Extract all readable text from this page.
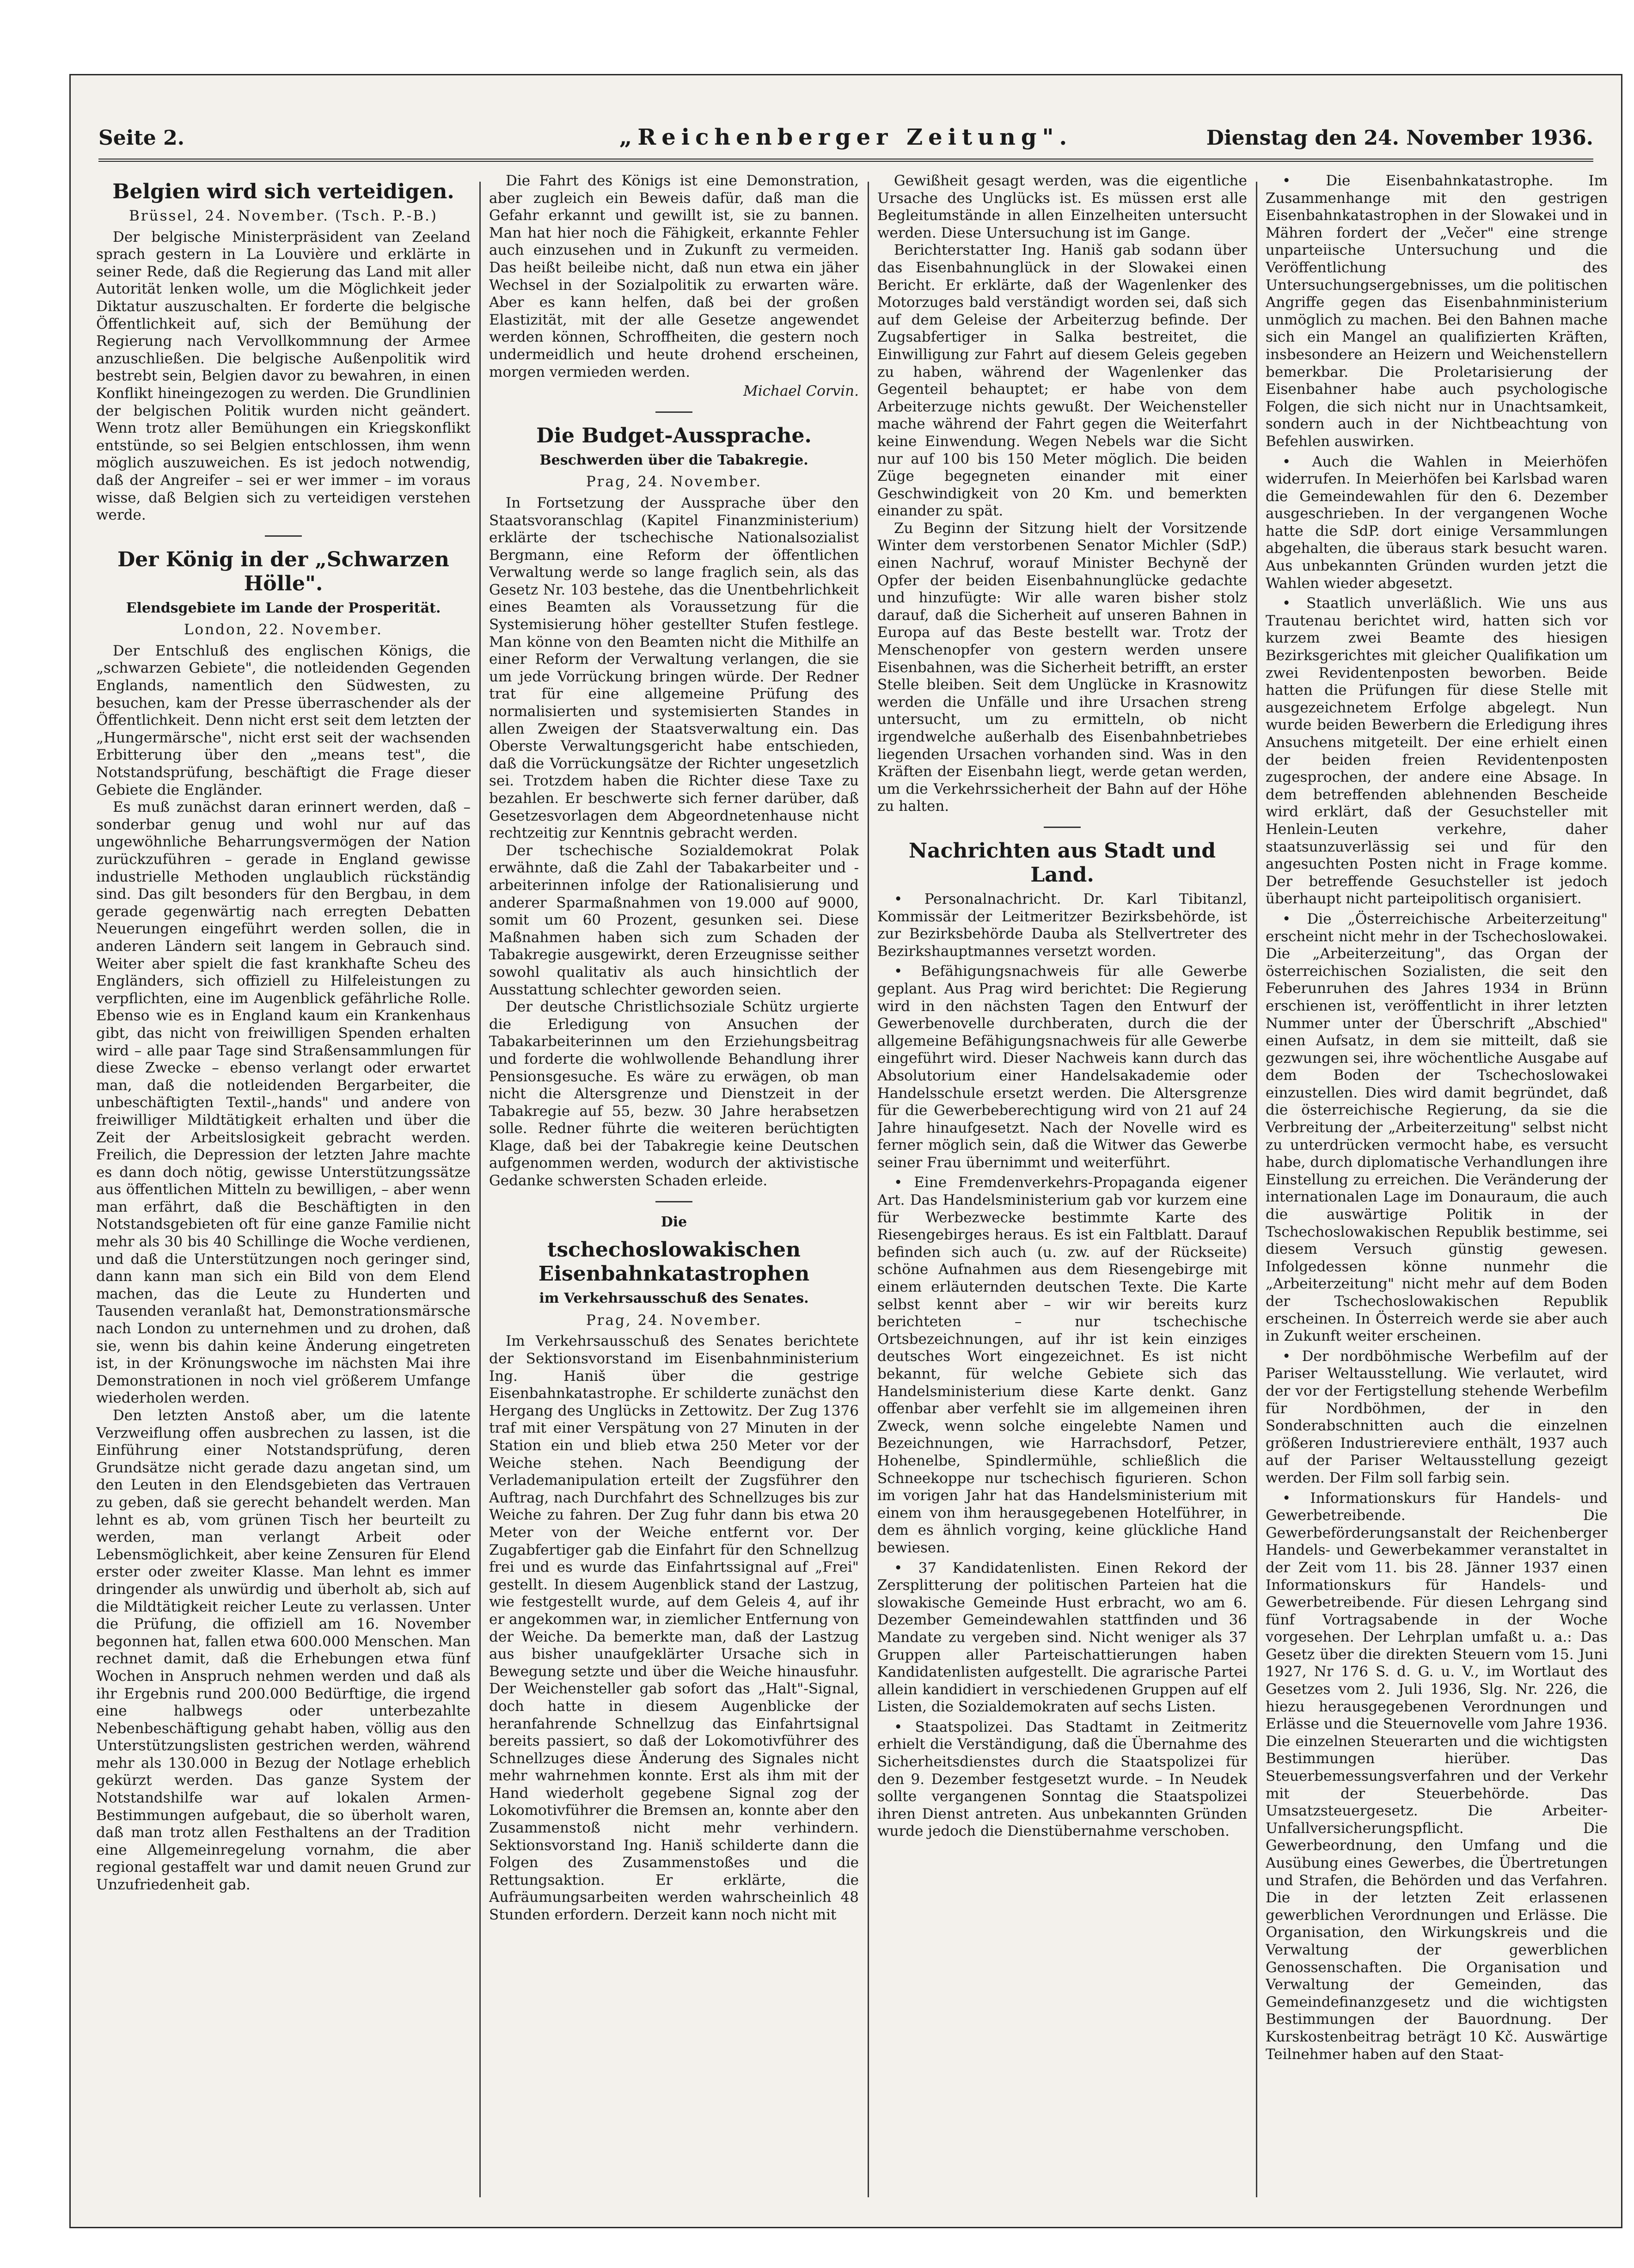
Seite 2.	„Reichenberger Zeitung".	Dienstag den 24. November 1936.
Belgien wird sich verteidigen.
Brüssel, 24. November. (Tsch. P.-B.)

Der belgische Ministerpräsident van Zeeland sprach gestern in La Louvière und erklärte in seiner Rede, daß die Regierung das Land mit aller Autorität lenken wolle, um die Möglichkeit jeder Diktatur auszuschalten. Er forderte die belgische Öffentlichkeit auf, sich der Bemühung der Regierung nach Vervollkommnung der Armee anzuschließen. Die belgische Außenpolitik wird bestrebt sein, Belgien davor zu bewahren, in einen Konflikt hineingezogen zu werden. Die Grundlinien der belgischen Politik wurden nicht geändert. Wenn trotz aller Bemühungen ein Kriegskonflikt entstünde, so sei Belgien entschlossen, ihm wenn möglich auszuweichen. Es ist jedoch notwendig, daß der Angreifer – sei er wer immer – im voraus wisse, daß Belgien sich zu verteidigen verstehen werde.

Der König in der „Schwarzen Hölle".
Elendsgebiete im Lande der Prosperität.
London, 22. November.

Der Entschluß des englischen Königs, die „schwarzen Gebiete", die notleidenden Gegenden Englands, namentlich den Südwesten, zu besuchen, kam der Presse überraschender als der Öffentlichkeit. Denn nicht erst seit dem letzten der „Hungermärsche", nicht erst seit der wachsenden Erbitterung über den „means test", die Notstandsprüfung, beschäftigt die Frage dieser Gebiete die Engländer.

Es muß zunächst daran erinnert werden, daß – sonderbar genug und wohl nur auf das ungewöhnliche Beharrungsvermögen der Nation zurückzuführen – gerade in England gewisse industrielle Methoden unglaublich rückständig sind. Das gilt besonders für den Bergbau, in dem gerade gegenwärtig nach erregten Debatten Neuerungen eingeführt werden sollen, die in anderen Ländern seit langem in Gebrauch sind. Weiter aber spielt die fast krankhafte Scheu des Engländers, sich offiziell zu Hilfeleistungen zu verpflichten, eine im Augenblick gefährliche Rolle. Ebenso wie es in England kaum ein Krankenhaus gibt, das nicht von freiwilligen Spenden erhalten wird – alle paar Tage sind Straßensammlungen für diese Zwecke – ebenso verlangt oder erwartet man, daß die notleidenden Bergarbeiter, die unbeschäftigten Textil-„hands" und andere von freiwilliger Mildtätigkeit erhalten und über die Zeit der Arbeitslosigkeit gebracht werden. Freilich, die Depression der letzten Jahre machte es dann doch nötig, gewisse Unterstützungssätze aus öffentlichen Mitteln zu bewilligen, – aber wenn man erfährt, daß die Beschäftigten in den Notstandsgebieten oft für eine ganze Familie nicht mehr als 30 bis 40 Schillinge die Woche verdienen, und daß die Unterstützungen noch geringer sind, dann kann man sich ein Bild von dem Elend machen, das die Leute zu Hunderten und Tausenden veranlaßt hat, Demonstrationsmärsche nach London zu unternehmen und zu drohen, daß sie, wenn bis dahin keine Änderung eingetreten ist, in der Krönungswoche im nächsten Mai ihre Demonstrationen in noch viel größerem Umfange wiederholen werden.

Den letzten Anstoß aber, um die latente Verzweiflung offen ausbrechen zu lassen, ist die Einführung einer Notstandsprüfung, deren Grundsätze nicht gerade dazu angetan sind, um den Leuten in den Elendsgebieten das Vertrauen zu geben, daß sie gerecht behandelt werden. Man lehnt es ab, vom grünen Tisch her beurteilt zu werden, man verlangt Arbeit oder Lebensmöglichkeit, aber keine Zensuren für Elend erster oder zweiter Klasse. Man lehnt es immer dringender als unwürdig und überholt ab, sich auf die Mildtätigkeit reicher Leute zu verlassen. Unter die Prüfung, die offiziell am 16. November begonnen hat, fallen etwa 600.000 Menschen. Man rechnet damit, daß die Erhebungen etwa fünf Wochen in Anspruch nehmen werden und daß als ihr Ergebnis rund 200.000 Bedürftige, die irgend eine halbwegs oder unterbezahlte Nebenbeschäftigung gehabt haben, völlig aus den Unterstützungslisten gestrichen werden, während mehr als 130.000 in Bezug der Notlage erheblich gekürzt werden. Das ganze System der Notstandshilfe war auf lokalen Armen-Bestimmungen aufgebaut, die so überholt waren, daß man trotz allen Festhaltens an der Tradition eine Allgemeinregelung vornahm, die aber regional gestaffelt war und damit neuen Grund zur Unzufriedenheit gab.

Die Fahrt des Königs ist eine Demonstration, aber zugleich ein Beweis dafür, daß man die Gefahr erkannt und gewillt ist, sie zu bannen. Man hat hier noch die Fähigkeit, erkannte Fehler auch einzusehen und in Zukunft zu vermeiden. Das heißt beileibe nicht, daß nun etwa ein jäher Wechsel in der Sozialpolitik zu erwarten wäre. Aber es kann helfen, daß bei der großen Elastizität, mit der alle Gesetze angewendet werden können, Schroffheiten, die gestern noch undermeidlich und heute drohend erscheinen, morgen vermieden werden.

Michael Corvin.
Die Budget-Aussprache.
Beschwerden über die Tabakregie.
Prag, 24. November.

In Fortsetzung der Aussprache über den Staatsvoranschlag (Kapitel Finanzministerium) erklärte der tschechische Nationalsozialist Bergmann, eine Reform der öffentlichen Verwaltung werde so lange fraglich sein, als das Gesetz Nr. 103 bestehe, das die Unentbehrlichkeit eines Beamten als Voraussetzung für die Systemisierung höher gestellter Stufen festlege. Man könne von den Beamten nicht die Mithilfe an einer Reform der Verwaltung verlangen, die sie um jede Vorrückung bringen würde. Der Redner trat für eine allgemeine Prüfung des normalisierten und systemisierten Standes in allen Zweigen der Staatsverwaltung ein. Das Oberste Verwaltungsgericht habe entschieden, daß die Vorrückungsätze der Richter ungesetzlich sei. Trotzdem haben die Richter diese Taxe zu bezahlen. Er beschwerte sich ferner darüber, daß Gesetzesvorlagen dem Abgeordnetenhause nicht rechtzeitig zur Kenntnis gebracht werden.

Der tschechische Sozialdemokrat Polak erwähnte, daß die Zahl der Tabakarbeiter und -arbeiterinnen infolge der Rationalisierung und anderer Sparmaßnahmen von 19.000 auf 9000, somit um 60 Prozent, gesunken sei. Diese Maßnahmen haben sich zum Schaden der Tabakregie ausgewirkt, deren Erzeugnisse seither sowohl qualitativ als auch hinsichtlich der Ausstattung schlechter geworden seien.

Der deutsche Christlichsoziale Schütz urgierte die Erledigung von Ansuchen der Tabakarbeiterinnen um den Erziehungsbeitrag und forderte die wohlwollende Behandlung ihrer Pensionsgesuche. Es wäre zu erwägen, ob man nicht die Altersgrenze und Dienstzeit in der Tabakregie auf 55, bezw. 30 Jahre herabsetzen solle. Redner führte die weiteren berüchtigten Klage, daß bei der Tabakregie keine Deutschen aufgenommen werden, wodurch der aktivistische Gedanke schwersten Schaden erleide.

Die
tschechoslowakischen Eisenbahnkatastrophen
im Verkehrsausschuß des Senates.
Prag, 24. November.

Im Verkehrsausschuß des Senates berichtete der Sektionsvorstand im Eisenbahnministerium Ing. Haniš über die gestrige Eisenbahnkatastrophe. Er schilderte zunächst den Hergang des Unglücks in Zettowitz. Der Zug 1376 traf mit einer Verspätung von 27 Minuten in der Station ein und blieb etwa 250 Meter vor der Weiche stehen. Nach Beendigung der Verlademanipulation erteilt der Zugsführer den Auftrag, nach Durchfahrt des Schnellzuges bis zur Weiche zu fahren. Der Zug fuhr dann bis etwa 20 Meter von der Weiche entfernt vor. Der Zugabfertiger gab die Einfahrt für den Schnellzug frei und es wurde das Einfahrtssignal auf „Frei" gestellt. In diesem Augenblick stand der Lastzug, wie festgestellt wurde, auf dem Geleis 4, auf ihr er angekommen war, in ziemlicher Entfernung von der Weiche. Da bemerkte man, daß der Lastzug aus bisher unaufgeklärter Ursache sich in Bewegung setzte und über die Weiche hinausfuhr. Der Weichensteller gab sofort das „Halt"-Signal, doch hatte in diesem Augenblicke der heranfahrende Schnellzug das Einfahrtsignal bereits passiert, so daß der Lokomotivführer des Schnellzuges diese Änderung des Signales nicht mehr wahrnehmen konnte. Erst als ihm mit der Hand wiederholt gegebene Signal zog der Lokomotivführer die Bremsen an, konnte aber den Zusammenstoß nicht mehr verhindern. Sektionsvorstand Ing. Haniš schilderte dann die Folgen des Zusammenstoßes und die Rettungsaktion. Er erklärte, die Aufräumungsarbeiten werden wahrscheinlich 48 Stunden erfordern. Derzeit kann noch nicht mit

Gewißheit gesagt werden, was die eigentliche Ursache des Unglücks ist. Es müssen erst alle Begleitumstände in allen Einzelheiten untersucht werden. Diese Untersuchung ist im Gange.

Berichterstatter Ing. Haniš gab sodann über das Eisenbahnunglück in der Slowakei einen Bericht. Er erklärte, daß der Wagenlenker des Motorzuges bald verständigt worden sei, daß sich auf dem Geleise der Arbeiterzug befinde. Der Zugsabfertiger in Salka bestreitet, die Einwilligung zur Fahrt auf diesem Geleis gegeben zu haben, während der Wagenlenker das Gegenteil behauptet; er habe von dem Arbeiterzuge nichts gewußt. Der Weichensteller mache während der Fahrt gegen die Weiterfahrt keine Einwendung. Wegen Nebels war die Sicht nur auf 100 bis 150 Meter möglich. Die beiden Züge begegneten einander mit einer Geschwindigkeit von 20 Km. und bemerkten einander zu spät.

Zu Beginn der Sitzung hielt der Vorsitzende Winter dem verstorbenen Senator Michler (SdP.) einen Nachruf, worauf Minister Bechyně der Opfer der beiden Eisenbahnunglücke gedachte und hinzufügte: Wir alle waren bisher stolz darauf, daß die Sicherheit auf unseren Bahnen in Europa auf das Beste bestellt war. Trotz der Menschenopfer von gestern werden unsere Eisenbahnen, was die Sicherheit betrifft, an erster Stelle bleiben. Seit dem Unglücke in Krasnowitz werden die Unfälle und ihre Ursachen streng untersucht, um zu ermitteln, ob nicht irgendwelche außerhalb des Eisenbahnbetriebes liegenden Ursachen vorhanden sind. Was in den Kräften der Eisenbahn liegt, werde getan werden, um die Verkehrssicherheit der Bahn auf der Höhe zu halten.

Nachrichten aus Stadt und Land.

• Personalnachricht. Dr. Karl Tibitanzl, Kommissär der Leitmeritzer Bezirksbehörde, ist zur Bezirksbehörde Dauba als Stellvertreter des Bezirkshauptmannes versetzt worden.

• Befähigungsnachweis für alle Gewerbe geplant. Aus Prag wird berichtet: Die Regierung wird in den nächsten Tagen den Entwurf der Gewerbenovelle durchberaten, durch die der allgemeine Befähigungsnachweis für alle Gewerbe eingeführt wird. Dieser Nachweis kann durch das Absolutorium einer Handelsakademie oder Handelsschule ersetzt werden. Die Altersgrenze für die Gewerbeberechtigung wird von 21 auf 24 Jahre hinaufgesetzt. Nach der Novelle wird es ferner möglich sein, daß die Witwer das Gewerbe seiner Frau übernimmt und weiterführt.

• Eine Fremdenverkehrs-Propaganda eigener Art. Das Handelsministerium gab vor kurzem eine für Werbezwecke bestimmte Karte des Riesengebirges heraus. Es ist ein Faltblatt. Darauf befinden sich auch (u. zw. auf der Rückseite) schöne Aufnahmen aus dem Riesengebirge mit einem erläuternden deutschen Texte. Die Karte selbst kennt aber – wir wir bereits kurz berichteten – nur tschechische Ortsbezeichnungen, auf ihr ist kein einziges deutsches Wort eingezeichnet. Es ist nicht bekannt, für welche Gebiete sich das Handelsministerium diese Karte denkt. Ganz offenbar aber verfehlt sie im allgemeinen ihren Zweck, wenn solche eingelebte Namen und Bezeichnungen, wie Harrachsdorf, Petzer, Hohenelbe, Spindlermühle, schließlich die Schneekoppe nur tschechisch figurieren. Schon im vorigen Jahr hat das Handelsministerium mit einem von ihm herausgegebenen Hotelführer, in dem es ähnlich vorging, keine glückliche Hand bewiesen.

• 37 Kandidatenlisten. Einen Rekord der Zersplitterung der politischen Parteien hat die slowakische Gemeinde Hust erbracht, wo am 6. Dezember Gemeindewahlen stattfinden und 36 Mandate zu vergeben sind. Nicht weniger als 37 Gruppen aller Parteischattierungen haben Kandidatenlisten aufgestellt. Die agrarische Partei allein kandidiert in verschiedenen Gruppen auf elf Listen, die Sozialdemokraten auf sechs Listen.

• Staatspolizei. Das Stadtamt in Zeitmeritz erhielt die Verständigung, daß die Übernahme des Sicherheitsdienstes durch die Staatspolizei für den 9. Dezember festgesetzt wurde. – In Neudek sollte vergangenen Sonntag die Staatspolizei ihren Dienst antreten. Aus unbekannten Gründen wurde jedoch die Dienstübernahme verschoben.

• Die Eisenbahnkatastrophe. Im Zusammenhange mit den gestrigen Eisenbahnkatastrophen in der Slowakei und in Mähren fordert der „Večer" eine strenge unparteiische Untersuchung und die Veröffentlichung des Untersuchungsergebnisses, um die politischen Angriffe gegen das Eisenbahnministerium unmöglich zu machen. Bei den Bahnen mache sich ein Mangel an qualifizierten Kräften, insbesondere an Heizern und Weichenstellern bemerkbar. Die Proletarisierung der Eisenbahner habe auch psychologische Folgen, die sich nicht nur in Unachtsamkeit, sondern auch in der Nichtbeachtung von Befehlen auswirken.

• Auch die Wahlen in Meierhöfen widerrufen. In Meierhöfen bei Karlsbad waren die Gemeindewahlen für den 6. Dezember ausgeschrieben. In der vergangenen Woche hatte die SdP. dort einige Versammlungen abgehalten, die überaus stark besucht waren. Aus unbekannten Gründen wurden jetzt die Wahlen wieder abgesetzt.

• Staatlich unverläßlich. Wie uns aus Trautenau berichtet wird, hatten sich vor kurzem zwei Beamte des hiesigen Bezirksgerichtes mit gleicher Qualifikation um zwei Revidentenposten beworben. Beide hatten die Prüfungen für diese Stelle mit ausgezeichnetem Erfolge abgelegt. Nun wurde beiden Bewerbern die Erledigung ihres Ansuchens mitgeteilt. Der eine erhielt einen der beiden freien Revidentenposten zugesprochen, der andere eine Absage. In dem betreffenden ablehnenden Bescheide wird erklärt, daß der Gesuchsteller mit Henlein-Leuten verkehre, daher staatsunzuverlässig sei und für den angesuchten Posten nicht in Frage komme. Der betreffende Gesuchsteller ist jedoch überhaupt nicht parteipolitisch organisiert.

• Die „Österreichische Arbeiterzeitung" erscheint nicht mehr in der Tschechoslowakei. Die „Arbeiterzeitung", das Organ der österreichischen Sozialisten, die seit den Feberunruhen des Jahres 1934 in Brünn erschienen ist, veröffentlicht in ihrer letzten Nummer unter der Überschrift „Abschied" einen Aufsatz, in dem sie mitteilt, daß sie gezwungen sei, ihre wöchentliche Ausgabe auf dem Boden der Tschechoslowakei einzustellen. Dies wird damit begründet, daß die österreichische Regierung, da sie die Verbreitung der „Arbeiterzeitung" selbst nicht zu unterdrücken vermocht habe, es versucht habe, durch diplomatische Verhandlungen ihre Einstellung zu erreichen. Die Veränderung der internationalen Lage im Donauraum, die auch die auswärtige Politik in der Tschechoslowakischen Republik bestimme, sei diesem Versuch günstig gewesen. Infolgedessen könne nunmehr die „Arbeiterzeitung" nicht mehr auf dem Boden der Tschechoslowakischen Republik erscheinen. In Österreich werde sie aber auch in Zukunft weiter erscheinen.

• Der nordböhmische Werbefilm auf der Pariser Weltausstellung. Wie verlautet, wird der vor der Fertigstellung stehende Werbefilm für Nordböhmen, der in den Sonderabschnitten auch die einzelnen größeren Industriereviere enthält, 1937 auch auf der Pariser Weltausstellung gezeigt werden. Der Film soll farbig sein.

• Informationskurs für Handels- und Gewerbetreibende. Die Gewerbeförderungsanstalt der Reichenberger Handels- und Gewerbekammer veranstaltet in der Zeit vom 11. bis 28. Jänner 1937 einen Informationskurs für Handels- und Gewerbetreibende. Für diesen Lehrgang sind fünf Vortragsabende in der Woche vorgesehen. Der Lehrplan umfaßt u. a.: Das Gesetz über die direkten Steuern vom 15. Juni 1927, Nr 176 S. d. G. u. V., im Wortlaut des Gesetzes vom 2. Juli 1936, Slg. Nr. 226, die hiezu herausgegebenen Verordnungen und Erlässe und die Steuernovelle vom Jahre 1936. Die einzelnen Steuerarten und die wichtigsten Bestimmungen hierüber. Das Steuerbemessungsverfahren und der Verkehr mit der Steuerbehörde. Das Umsatzsteuergesetz. Die Arbeiter-Unfallversicherungspflicht. Die Gewerbeordnung, den Umfang und die Ausübung eines Gewerbes, die Übertretungen und Strafen, die Behörden und das Verfahren. Die in der letzten Zeit erlassenen gewerblichen Verordnungen und Erlässe. Die Organisation, den Wirkungskreis und die Verwaltung der gewerblichen Genossenschaften. Die Organisation und Verwaltung der Gemeinden, das Gemeindefinanzgesetz und die wichtigsten Bestimmungen der Bauordnung. Der Kurskostenbeitrag beträgt 10 Kč. Auswärtige Teilnehmer haben auf den Staat-
